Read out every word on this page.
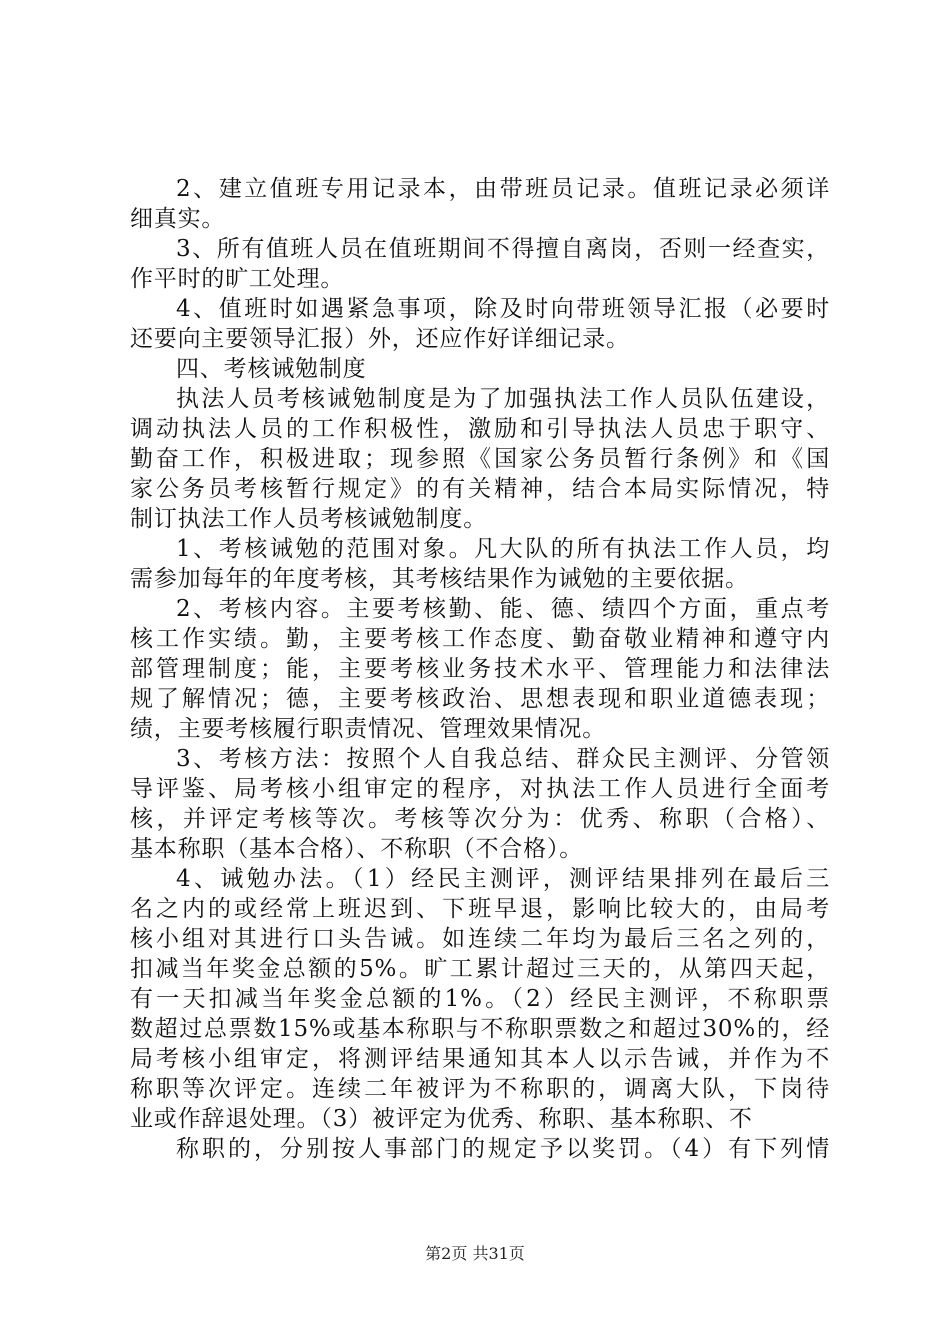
2、建立值班专用记录本，由带班员记录。值班记录必须详
细真实。
3、所有值班人员在值班期间不得擅自离岗，否则一经查实，
作平时的旷工处理。
4、值班时如遇紧急事项，除及时向带班领导汇报（必要时
还要向主要领导汇报）外，还应作好详细记录。
四、考核诫勉制度
执法人员考核诫勉制度是为了加强执法工作人员队伍建设，
调动执法人员的工作积极性，激励和引导执法人员忠于职守、
勤奋工作，积极进取；现参照《国家公务员暂行条例》和《国
家公务员考核暂行规定》的有关精神，结合本局实际情况，特
制订执法工作人员考核诫勉制度。
1、考核诫勉的范围对象。凡大队的所有执法工作人员，均
需参加每年的年度考核，其考核结果作为诫勉的主要依据。
2、考核内容。主要考核勤、能、德、绩四个方面，重点考
核工作实绩。勤，主要考核工作态度、勤奋敬业精神和遵守内
部管理制度；能，主要考核业务技术水平、管理能力和法律法
规了解情况；德，主要考核政治、思想表现和职业道德表现；
绩，主要考核履行职责情况、管理效果情况。
3、考核方法：按照个人自我总结、群众民主测评、分管领
导评鉴、局考核小组审定的程序，对执法工作人员进行全面考
核，并评定考核等次。考核等次分为：优秀、称职（合格）、
基本称职（基本合格）、不称职（不合格）。
4、诫勉办法。（1）经民主测评，测评结果排列在最后三
名之内的或经常上班迟到、下班早退，影响比较大的，由局考
核小组对其进行口头告诫。如连续二年均为最后三名之列的，
扣减当年奖金总额的5%。旷工累计超过三天的，从第四天起，
有一天扣减当年奖金总额的1%。（2）经民主测评，不称职票
数超过总票数15%或基本称职与不称职票数之和超过30%的，经
局考核小组审定，将测评结果通知其本人以示告诫，并作为不
称职等次评定。连续二年被评为不称职的，调离大队，下岗待
业或作辞退处理。（3）被评定为优秀、称职、基本称职、不
称职的，分别按人事部门的规定予以奖罚。（4）有下列情
第2页 共31页
